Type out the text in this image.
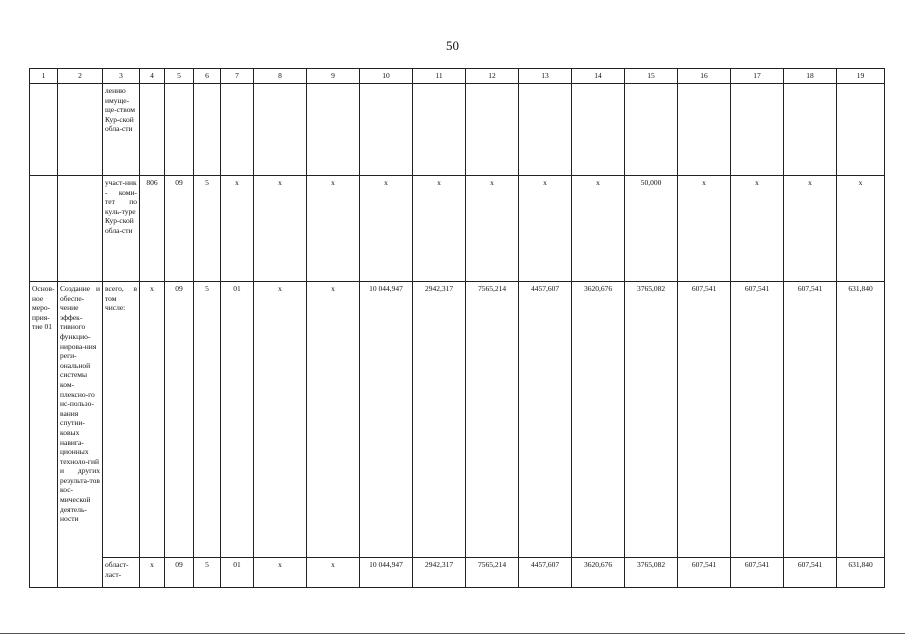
50
1	2	3	4	5	6	7	8	9	10	11	12	13	14	15	16	17	18	19
		лению имуще-ще-ством Кур-ской обла-сти																
		участ-ник - коми-тет по куль-туре Кур-ской обла-сти	806	09	5	х	х	х	х	х	х	х	х	50,000	х	х	х	х
Основ-ное меро-прия-тие 01	Создание и обеспе-чение эффек-тивного функцио-нирова-ния реги-ональной системы ком-плексно-го ис-пользо-вания спутни-ковых навига-ционных техноло-гий и других результа-тов кос-мической деятель-ности	всего, в том числе:	х	09	5	01	х	х	10 044,947	2942,317	7565,214	4457,607	3620,676	3765,082	607,541	607,541	607,541	631,840
		област-ласт-	х	09	5	01	х	х	10 044,947	2942,317	7565,214	4457,607	3620,676	3765,082	607,541	607,541	607,541	631,840
